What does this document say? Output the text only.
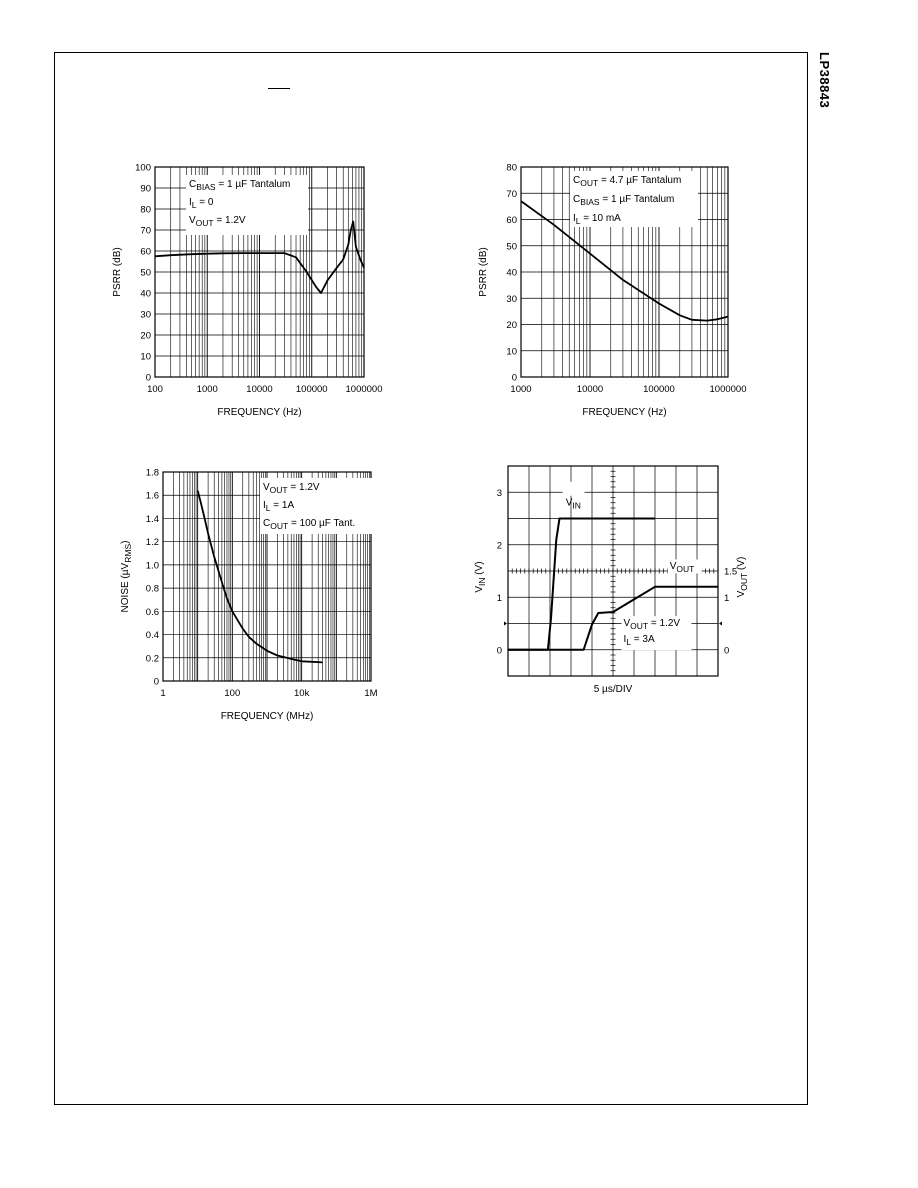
LP38843
0
10
20
30
40
50
60
70
80
90
100
100	1000	10000 100000 1000000
FREQUENCY (Hz)
PSRR (dB)
$C_{BIAS} = 1$ µF Tantalum
$I_L = 0$
$V_{OUT} = 1.2V$
0
10
20
30
40
50
60
70
80
1000	10000	100000	1000000
FREQUENCY (Hz)
PSRR (dB)
$C_{OUT} = 4.7$ µF Tantalum
$C_{BIAS} = 1$ µF Tantalum
$I_L = 10$ mA
0
0.2
0.4
0.6
0.8
1.0
1.2
1.4
1.6
1.8
1	100	10k	1M
FREQUENCY (MHz)
NOISE (µV$_{RMS}$)
$V_{OUT} = 1.2V$
$I_L = 1A$
$C_{OUT} = 100$ µF Tant.
0
1
2
3
0
1
1.5
5 µs/DIV
$V_{IN}$ (V)
$V_{OUT}$ (V)
$V_{IN}$
$V_{OUT}$
$V_{OUT} = 1.2V$
$I_L = 3A$
